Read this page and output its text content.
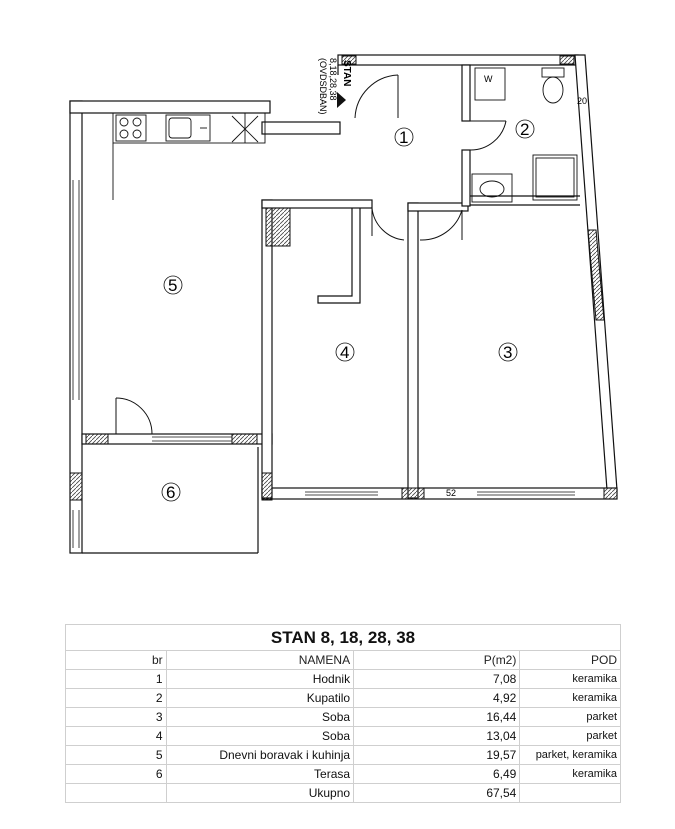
STAN
8,18,28,38
(OVDSDBAN)	W
20
52
1	2
3
4
5
6
STAN 8, 18, 28, 38			
br	NAMENA	P(m2)	POD
1	Hodnik	7,08	keramika
2	Kupatilo	4,92	keramika
3	Soba	16,44	parket
4	Soba	13,04	parket
5	Dnevni boravak i kuhinja	19,57	parket, keramika
6	Terasa	6,49	keramika
	Ukupno	67,54	
